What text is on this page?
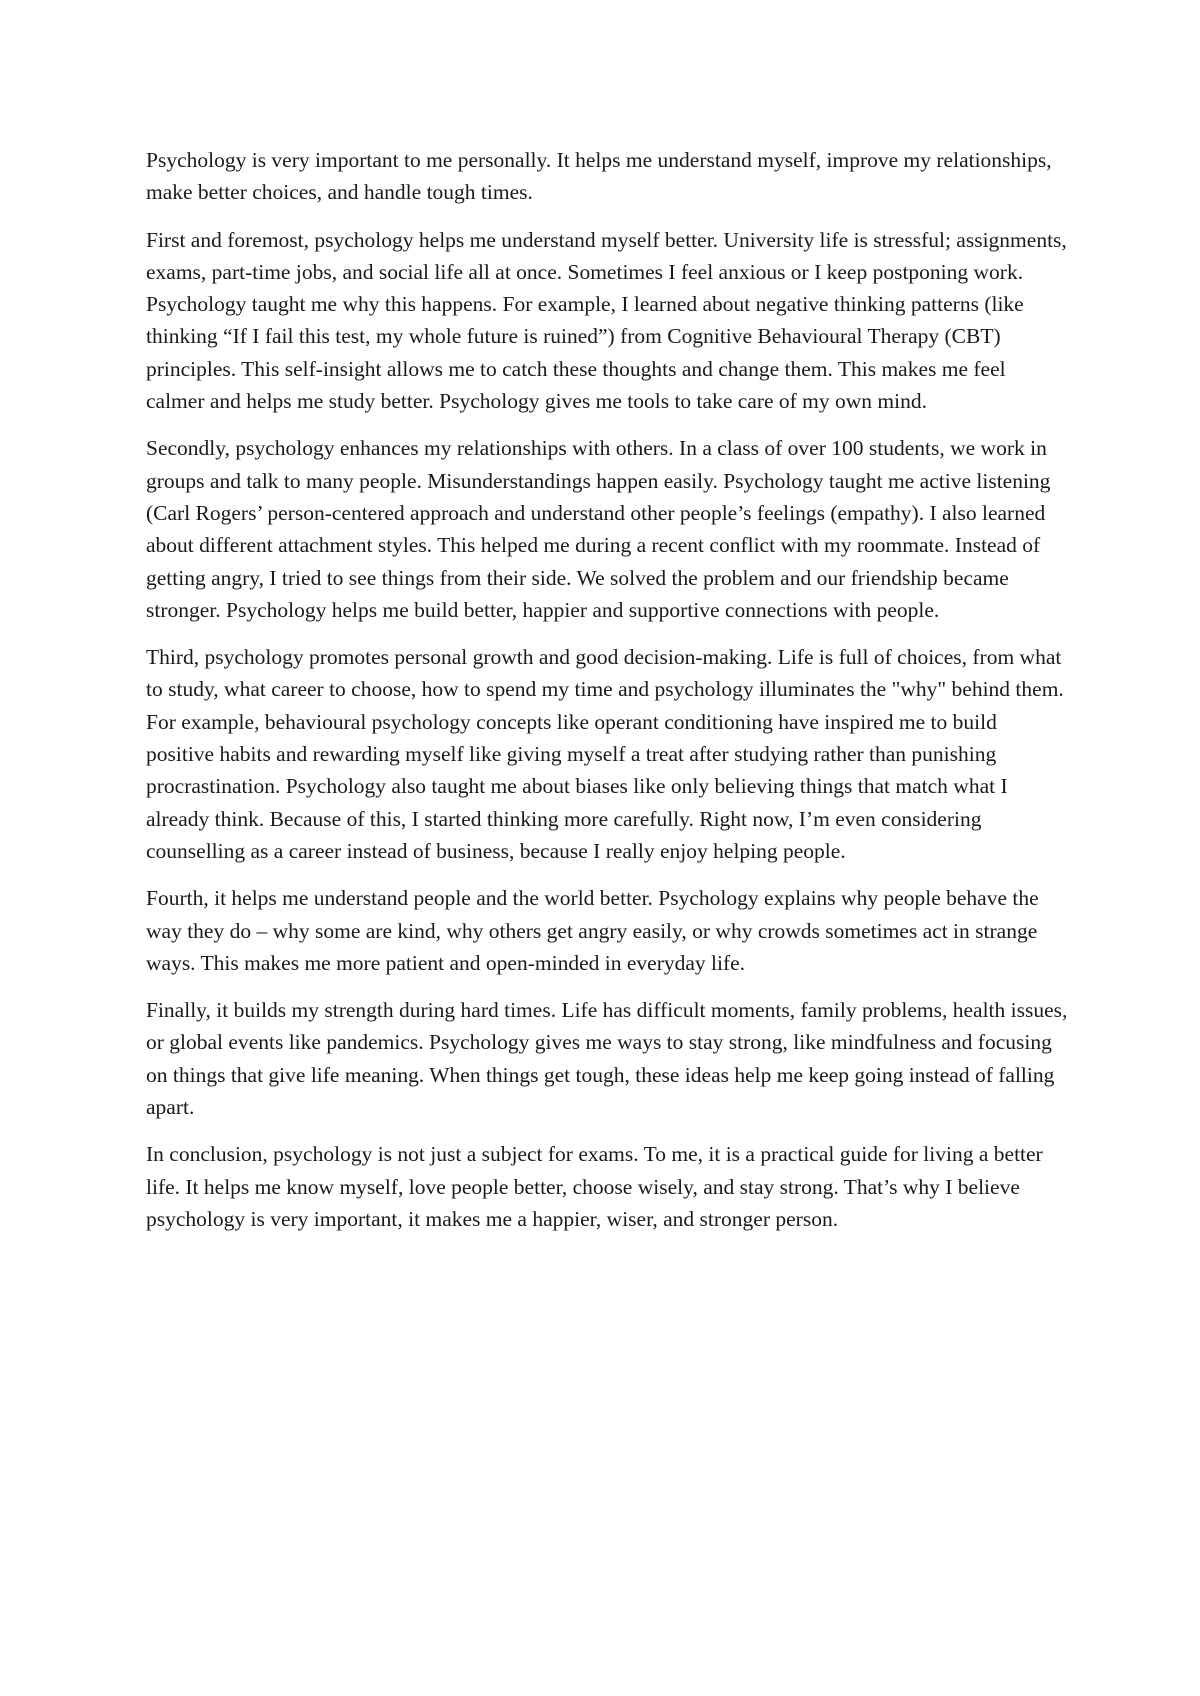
Psychology is very important to me personally. It helps me understand myself, improve my relationships, make better choices, and handle tough times.

First and foremost, psychology helps me understand myself better. University life is stressful; assignments, exams, part-time jobs, and social life all at once. Sometimes I feel anxious or I keep postponing work. Psychology taught me why this happens. For example, I learned about negative thinking patterns (like thinking “If I fail this test, my whole future is ruined”) from Cognitive Behavioural Therapy (CBT) principles. This self-insight allows me to catch these thoughts and change them. This makes me feel calmer and helps me study better. Psychology gives me tools to take care of my own mind.

Secondly, psychology enhances my relationships with others. In a class of over 100 students, we work in groups and talk to many people. Misunderstandings happen easily. Psychology taught me active listening (Carl Rogers’ person-centered approach and understand other people’s feelings (empathy). I also learned about different attachment styles. This helped me during a recent conflict with my roommate. Instead of getting angry, I tried to see things from their side. We solved the problem and our friendship became stronger. Psychology helps me build better, happier and supportive connections with people.

Third, psychology promotes personal growth and good decision-making. Life is full of choices, from what to study, what career to choose, how to spend my time and psychology illuminates the "why" behind them. For example, behavioural psychology concepts like operant conditioning have inspired me to build positive habits and rewarding myself like giving myself a treat after studying rather than punishing procrastination. Psychology also taught me about biases like only believing things that match what I already think. Because of this, I started thinking more carefully. Right now, I’m even considering counselling as a career instead of business, because I really enjoy helping people.

Fourth, it helps me understand people and the world better. Psychology explains why people behave the way they do – why some are kind, why others get angry easily, or why crowds sometimes act in strange ways. This makes me more patient and open-minded in everyday life.

Finally, it builds my strength during hard times. Life has difficult moments, family problems, health issues, or global events like pandemics. Psychology gives me ways to stay strong, like mindfulness and focusing on things that give life meaning. When things get tough, these ideas help me keep going instead of falling apart.

In conclusion, psychology is not just a subject for exams. To me, it is a practical guide for living a better life. It helps me know myself, love people better, choose wisely, and stay strong. That’s why I believe psychology is very important, it makes me a happier, wiser, and stronger person.
